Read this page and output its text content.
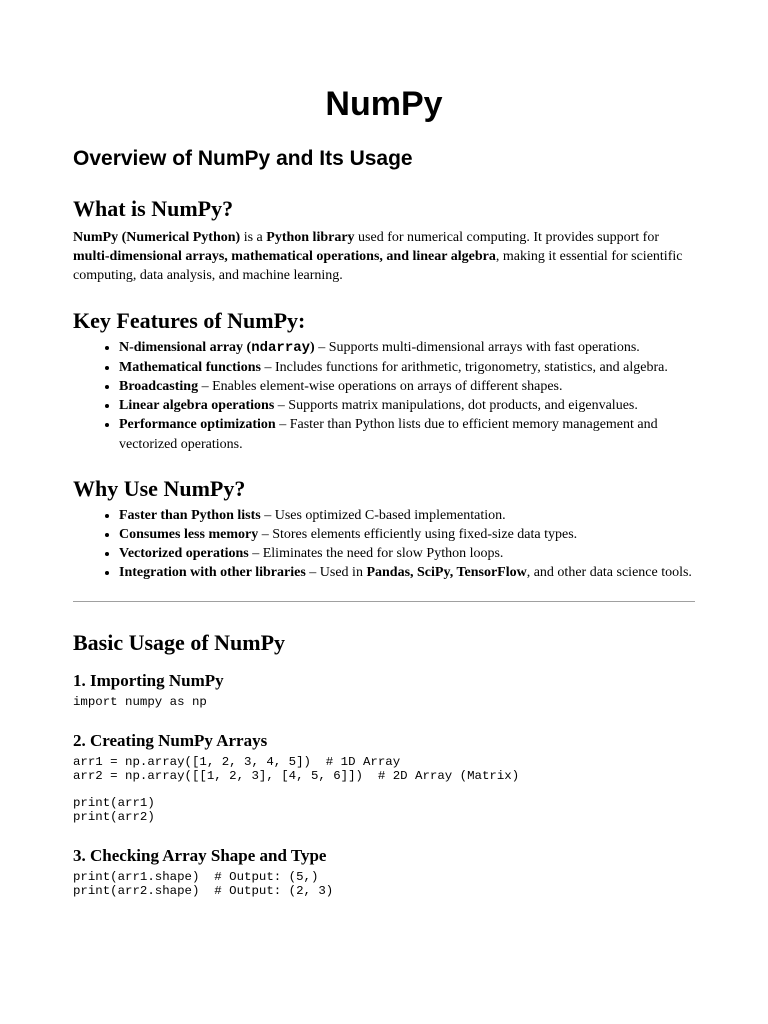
NumPy
Overview of NumPy and Its Usage
What is NumPy?

NumPy (Numerical Python) is a Python library used for numerical computing. It provides support for multi-dimensional arrays, mathematical operations, and linear algebra, making it essential for scientific computing, data analysis, and machine learning.

Key Features of NumPy:
• N-dimensional array (ndarray) – Supports multi-dimensional arrays with fast operations.
• Mathematical functions – Includes functions for arithmetic, trigonometry, statistics, and algebra.
• Broadcasting – Enables element-wise operations on arrays of different shapes.
• Linear algebra operations – Supports matrix manipulations, dot products, and eigenvalues.
• Performance optimization – Faster than Python lists due to efficient memory management and vectorized operations.
Why Use NumPy?
• Faster than Python lists – Uses optimized C-based implementation.
• Consumes less memory – Stores elements efficiently using fixed-size data types.
• Vectorized operations – Eliminates the need for slow Python loops.
• Integration with other libraries – Used in Pandas, SciPy, TensorFlow, and other data science tools.
Basic Usage of NumPy
1. Importing NumPy
import numpy as np
2. Creating NumPy Arrays
arr1 = np.array([1, 2, 3, 4, 5])  # 1D Array
arr2 = np.array([[1, 2, 3], [4, 5, 6]])  # 2D Array (Matrix)

print(arr1)
print(arr2)
3. Checking Array Shape and Type
print(arr1.shape)  # Output: (5,)
print(arr2.shape)  # Output: (2, 3)
